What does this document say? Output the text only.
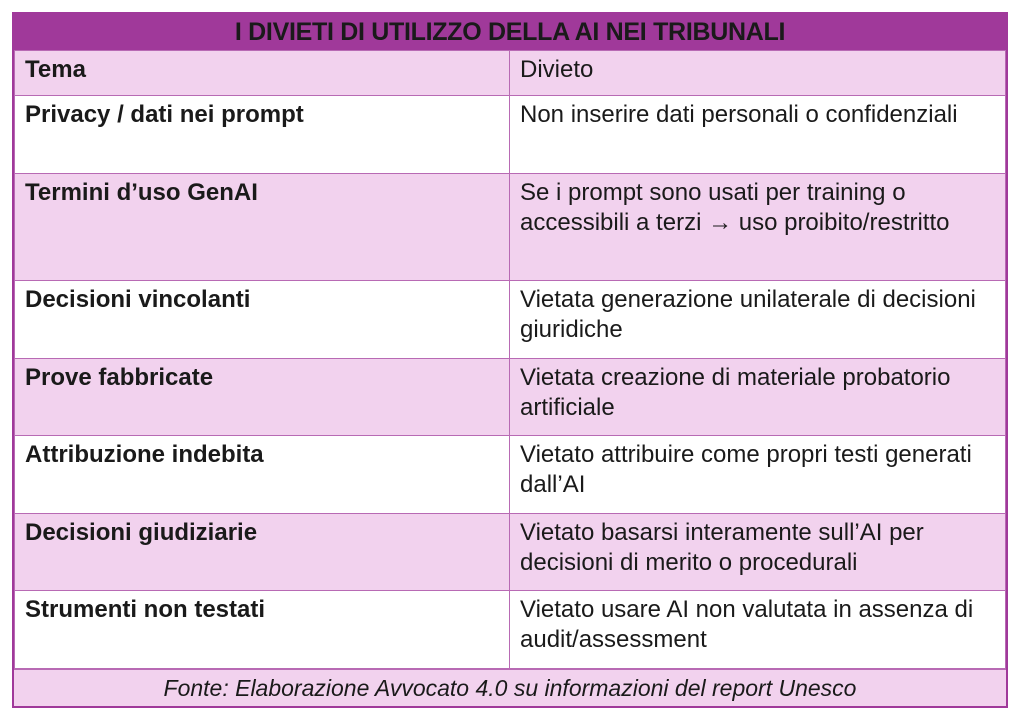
I DIVIETI DI UTILIZZO DELLA AI NEI TRIBUNALI
Tema	Divieto
Privacy / dati nei prompt	Non inserire dati personali o confidenziali
Termini d’uso GenAI	Se i prompt sono usati per training o accessibili a terzi → uso proibito/restritto
Decisioni vincolanti	Vietata generazione unilaterale di decisioni giuridiche
Prove fabbricate	Vietata creazione di materiale probatorio artificiale
Attribuzione indebita	Vietato attribuire come propri testi generati dall’AI
Decisioni giudiziarie	Vietato basarsi interamente sull’AI per decisioni di merito o procedurali
Strumenti non testati	Vietato usare AI non valutata in assenza di audit/assessment
Fonte: Elaborazione Avvocato 4.0 su informazioni del report Unesco
